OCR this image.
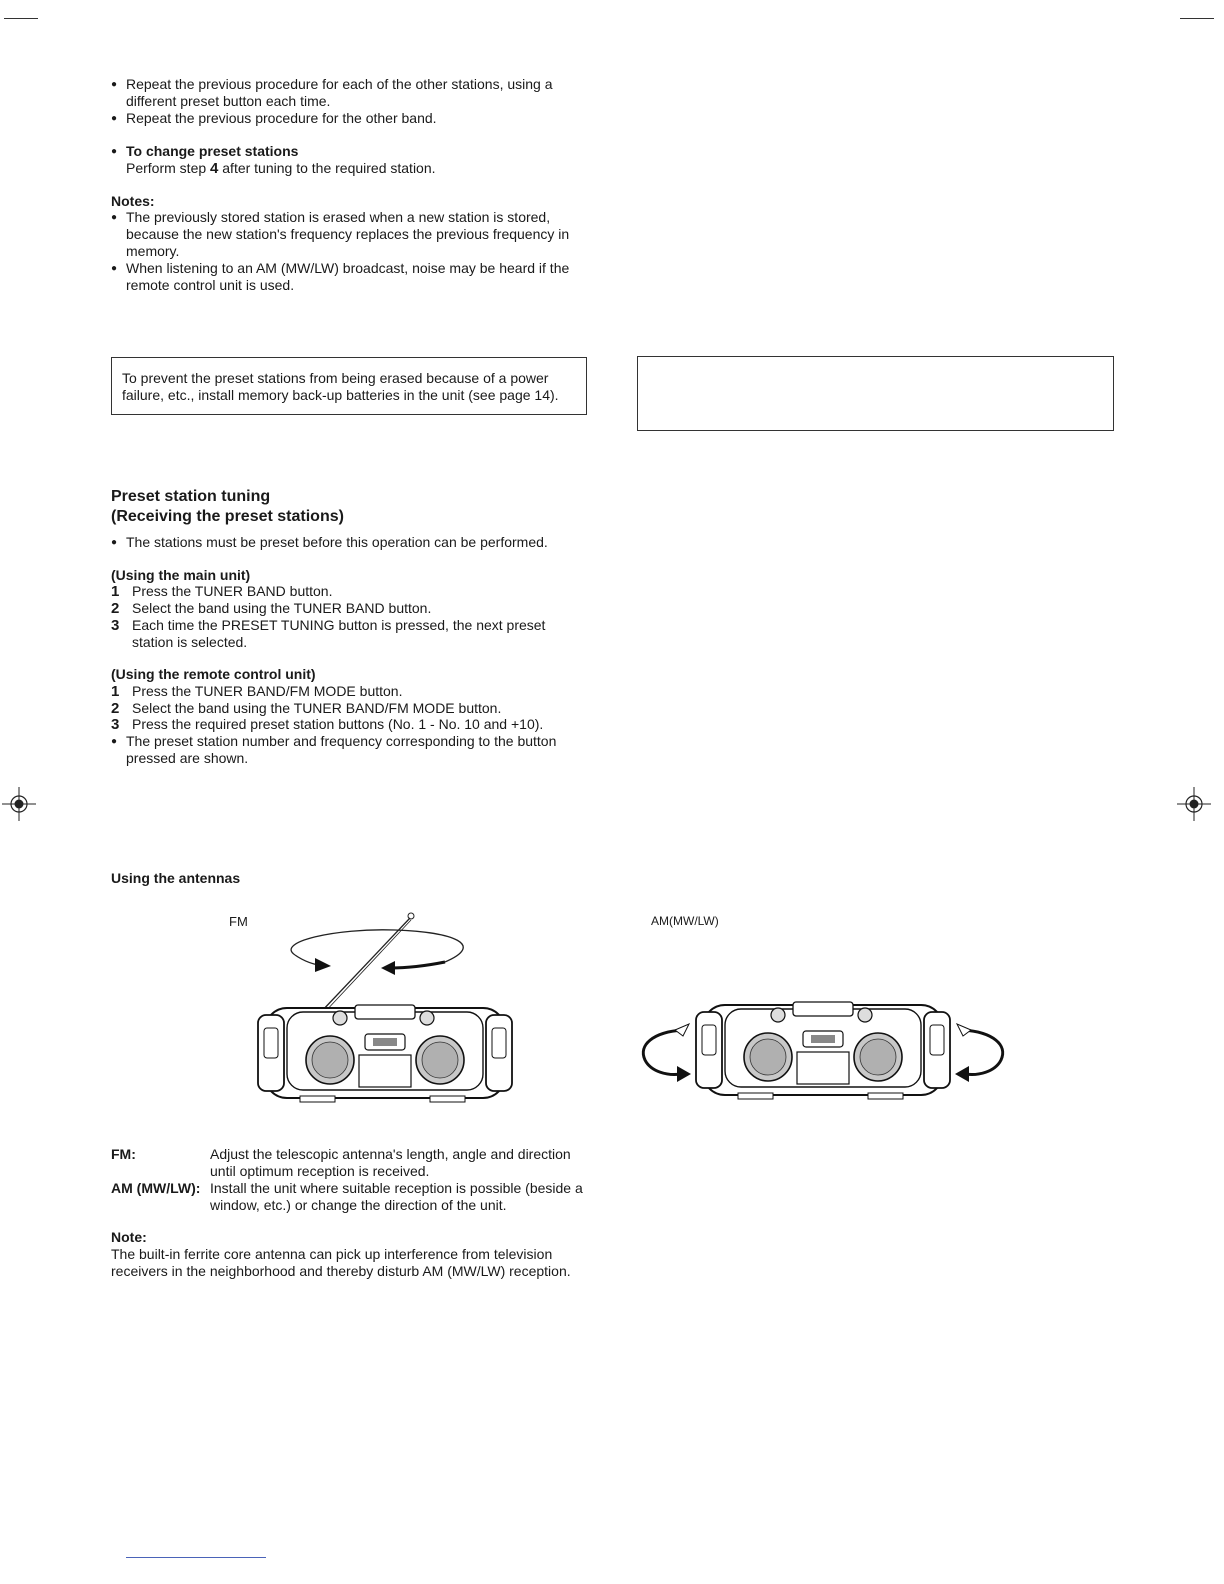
● Repeat the previous procedure for each of the other stations, using a different preset button each time.
● Repeat the previous procedure for the other band.
● To change preset stations
Perform step 4 after tuning to the required station.
Notes:
● The previously stored station is erased when a new station is stored, because the new station's frequency replaces the previous frequency in memory.
● When listening to an AM (MW/LW) broadcast, noise may be heard if the remote control unit is used.
To prevent the preset stations from being erased because of a power failure, etc., install memory back-up batteries in the unit (see page 14).
Preset station tuning
(Receiving the preset stations)
● The stations must be preset before this operation can be performed.
(Using the main unit)
1 Press the TUNER BAND button.
2 Select the band using the TUNER BAND button.
3 Each time the PRESET TUNING button is pressed, the next preset station is selected.
(Using the remote control unit)
1 Press the TUNER BAND/FM MODE button.
2 Select the band using the TUNER BAND/FM MODE button.
3 Press the required preset station buttons (No. 1 - No. 10 and +10).
● The preset station number and frequency corresponding to the button pressed are shown.
Using the antennas
FM	AM(MW/LW)
FM:	Adjust the telescopic antenna's length, angle and direction until optimum reception is received.
AM (MW/LW): Install the unit where suitable reception is possible (beside a window, etc.) or change the direction of the unit.
Note:
The built-in ferrite core antenna can pick up interference from television receivers in the neighborhood and thereby disturb AM (MW/LW) reception.
